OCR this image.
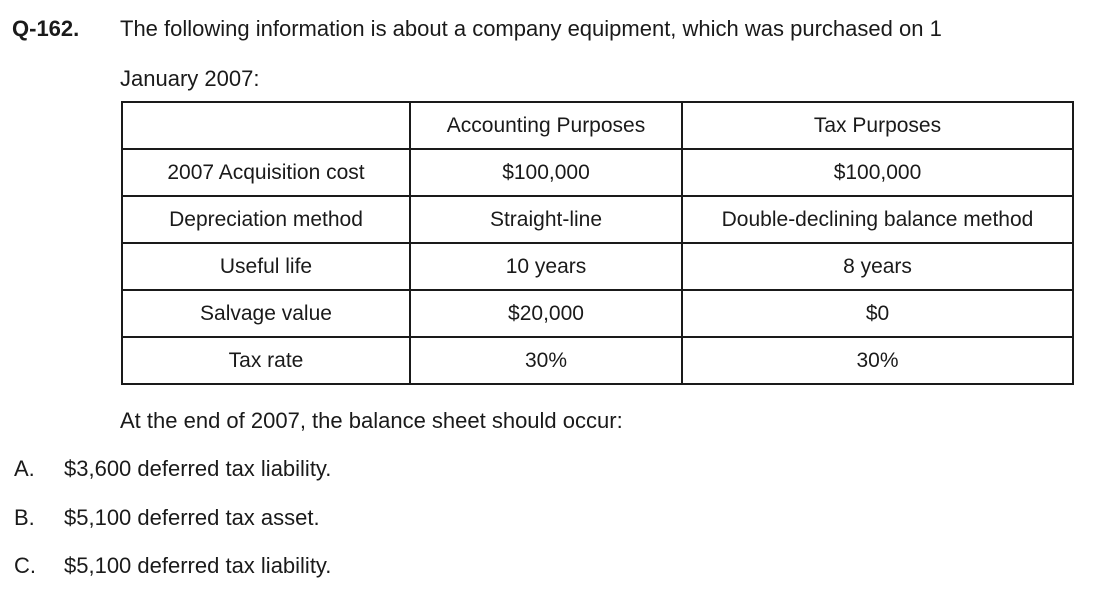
Q-162. The following information is about a company equipment, which was purchased on 1
January 2007:
	Accounting Purposes	Tax Purposes
2007 Acquisition cost	$100,000	$100,000
Depreciation method	Straight-line	Double-declining balance method
Useful life	10 years	8 years
Salvage value	$20,000	$0
Tax rate	30%	30%
At the end of 2007, the balance sheet should occur:
A. $3,600 deferred tax liability.
B. $5,100 deferred tax asset.
C. $5,100 deferred tax liability.
